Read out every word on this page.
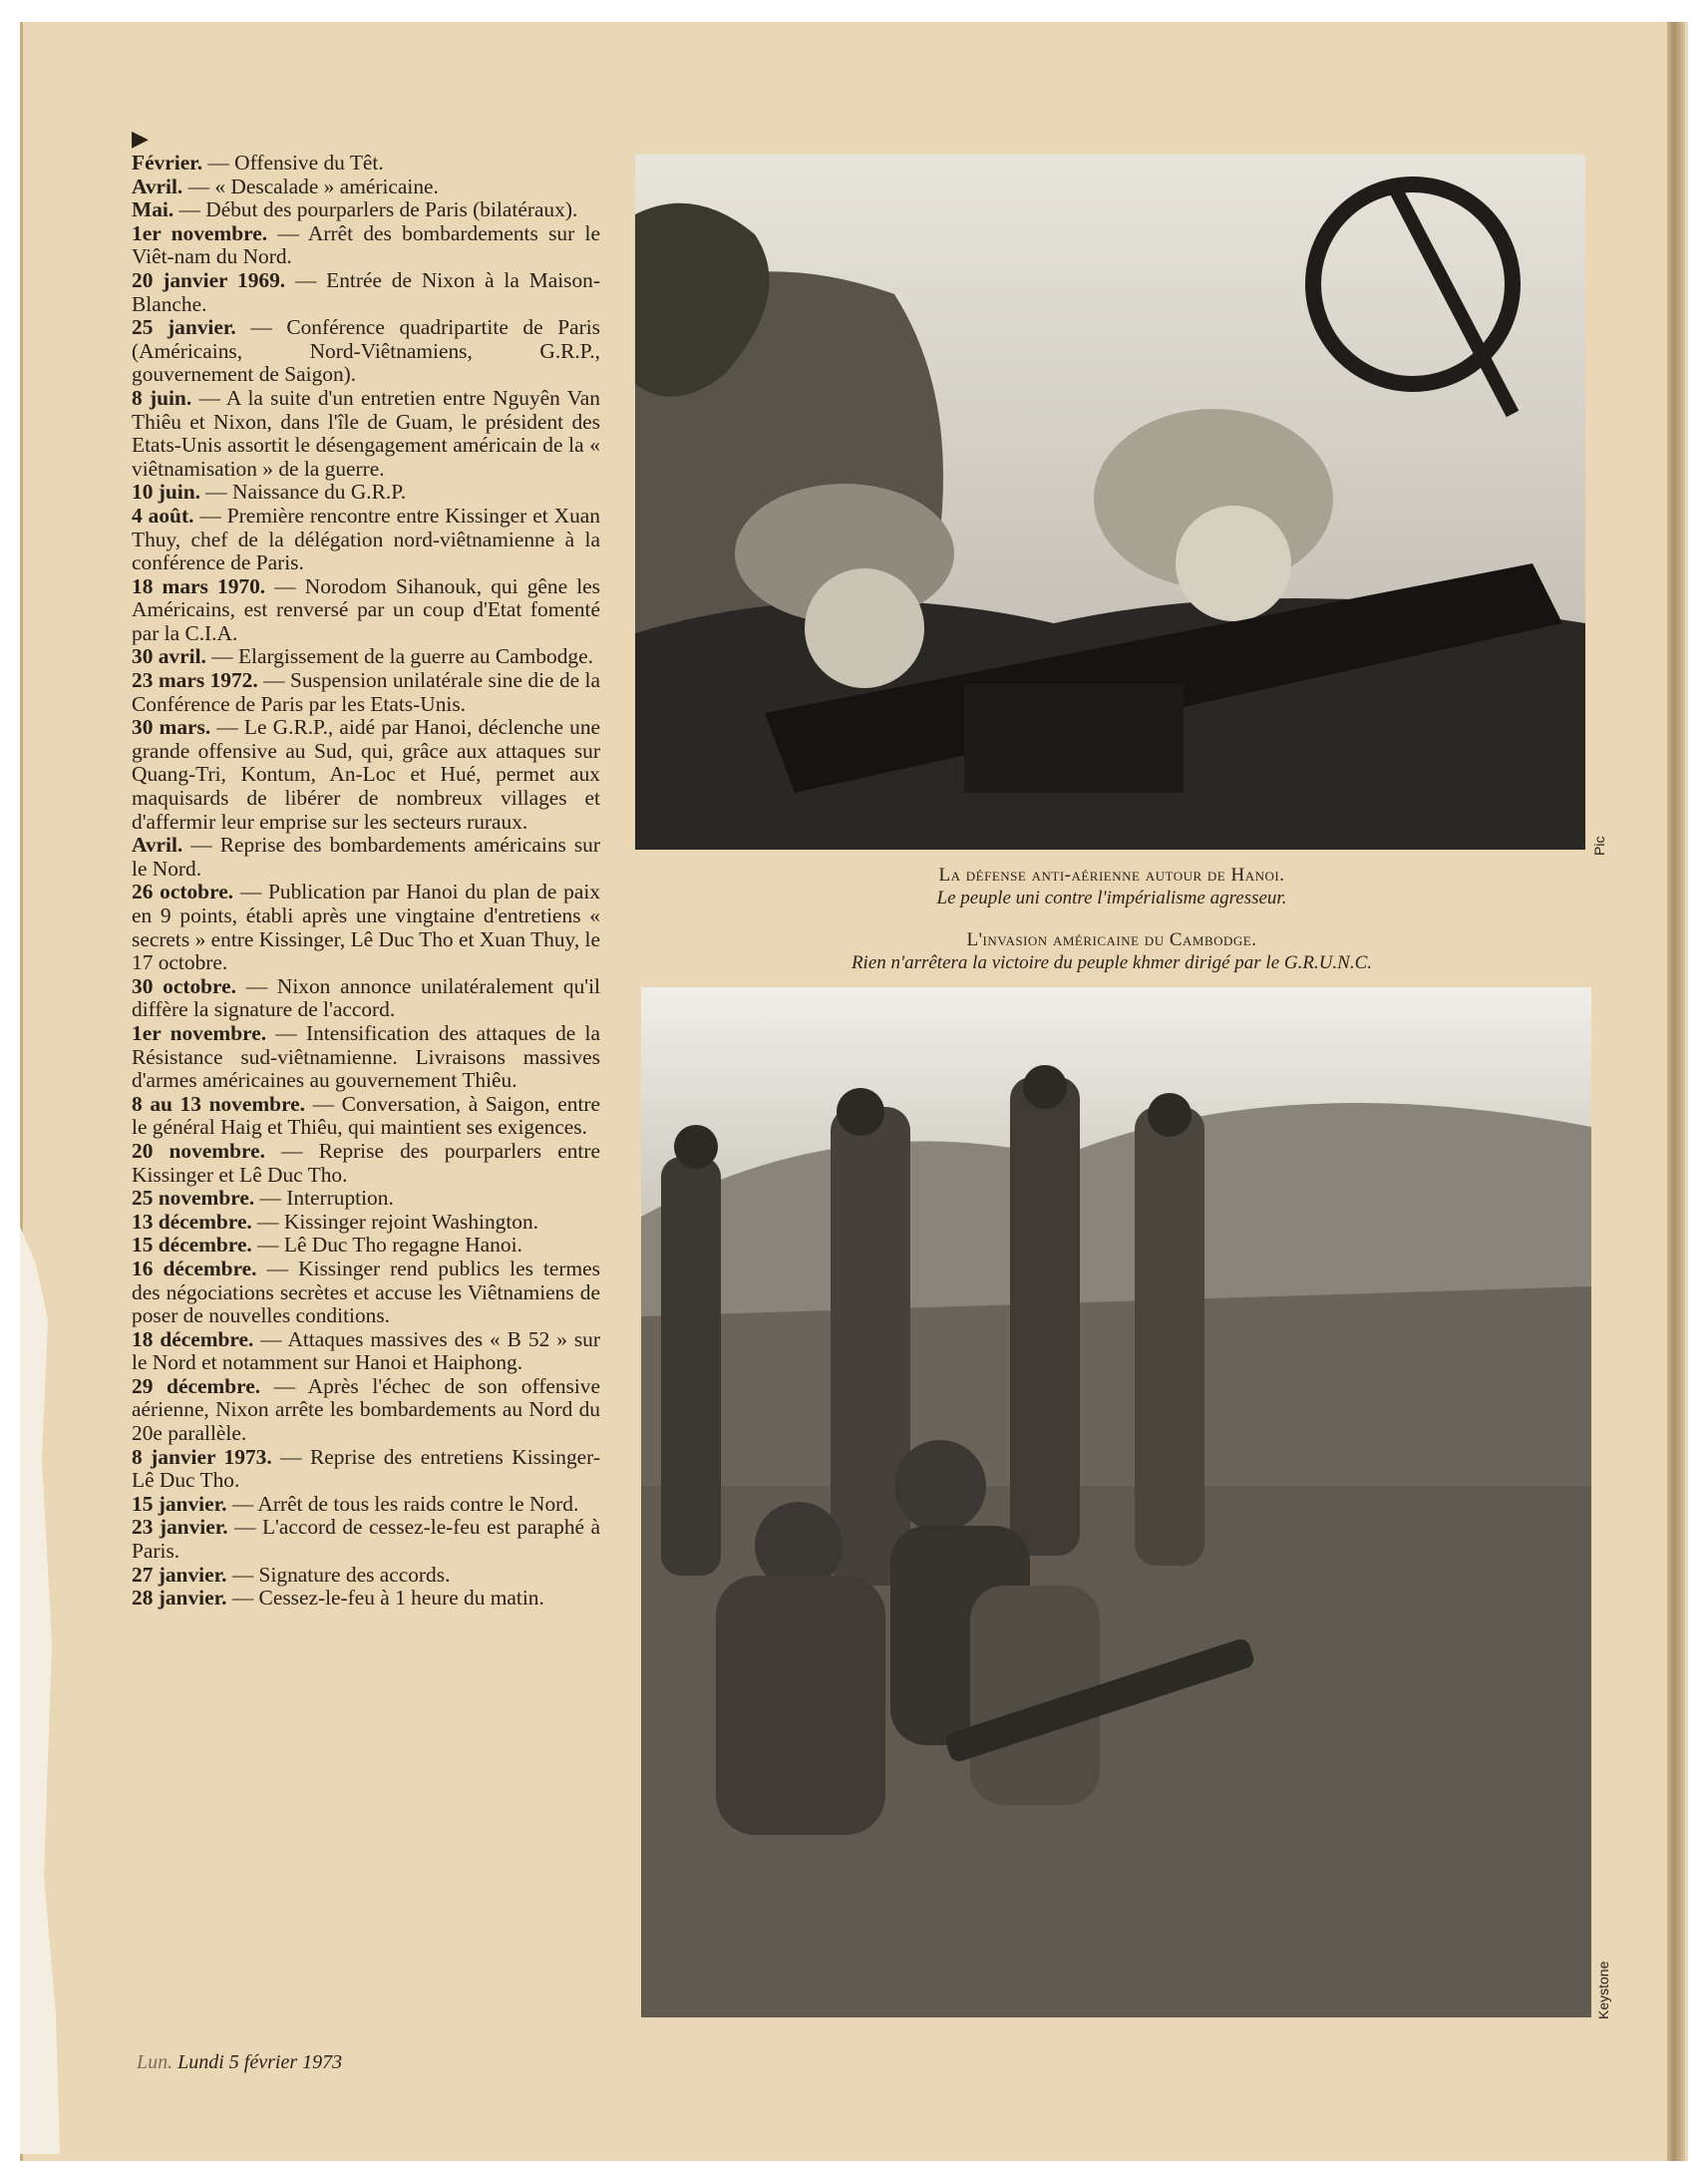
▶

Février. — Offensive du Têt.

Avril. — « Descalade » américaine.

Mai. — Début des pourparlers de Paris (bilatéraux).

1er novembre. — Arrêt des bombardements sur le Viêt-nam du Nord.

20 janvier 1969. — Entrée de Nixon à la Maison-Blanche.

25 janvier. — Conférence quadripartite de Paris (Américains, Nord-Viêtnamiens, G.R.P., gouvernement de Saigon).

8 juin. — A la suite d'un entretien entre Nguyên Van Thiêu et Nixon, dans l'île de Guam, le président des Etats-Unis assortit le désengagement américain de la « viêtnamisation » de la guerre.

10 juin. — Naissance du G.R.P.

4 août. — Première rencontre entre Kissinger et Xuan Thuy, chef de la délégation nord-viêtnamienne à la conférence de Paris.

18 mars 1970. — Norodom Sihanouk, qui gêne les Américains, est renversé par un coup d'Etat fomenté par la C.I.A.

30 avril. — Elargissement de la guerre au Cambodge.

23 mars 1972. — Suspension unilatérale sine die de la Conférence de Paris par les Etats-Unis.

30 mars. — Le G.R.P., aidé par Hanoi, déclenche une grande offensive au Sud, qui, grâce aux attaques sur Quang-Tri, Kontum, An-Loc et Hué, permet aux maquisards de libérer de nombreux villages et d'affermir leur emprise sur les secteurs ruraux.

Avril. — Reprise des bombardements américains sur le Nord.

26 octobre. — Publication par Hanoi du plan de paix en 9 points, établi après une vingtaine d'entretiens « secrets » entre Kissinger, Lê Duc Tho et Xuan Thuy, le 17 octobre.

30 octobre. — Nixon annonce unilatéralement qu'il diffère la signature de l'accord.

1er novembre. — Intensification des attaques de la Résistance sud-viêtnamienne. Livraisons massives d'armes américaines au gouvernement Thiêu.

8 au 13 novembre. — Conversation, à Saigon, entre le général Haig et Thiêu, qui maintient ses exigences.

20 novembre. — Reprise des pourparlers entre Kissinger et Lê Duc Tho.

25 novembre. — Interruption.

13 décembre. — Kissinger rejoint Washington.

15 décembre. — Lê Duc Tho regagne Hanoi.

16 décembre. — Kissinger rend publics les termes des négociations secrètes et accuse les Viêtnamiens de poser de nouvelles conditions.

18 décembre. — Attaques massives des « B 52 » sur le Nord et notamment sur Hanoi et Haiphong.

29 décembre. — Après l'échec de son offensive aérienne, Nixon arrête les bombardements au Nord du 20e parallèle.

8 janvier 1973. — Reprise des entretiens Kissinger-Lê Duc Tho.

15 janvier. — Arrêt de tous les raids contre le Nord.

23 janvier. — L'accord de cessez-le-feu est paraphé à Paris.

27 janvier. — Signature des accords.

28 janvier. — Cessez-le-feu à 1 heure du matin.

Pic
La défense anti-aérienne autour de Hanoi.
Le peuple uni contre l'impérialisme agresseur.
L'invasion américaine du Cambodge.
Rien n'arrêtera la victoire du peuple khmer dirigé par le G.R.U.N.C.
Keystone
Lun. Lundi 5 février 1973
